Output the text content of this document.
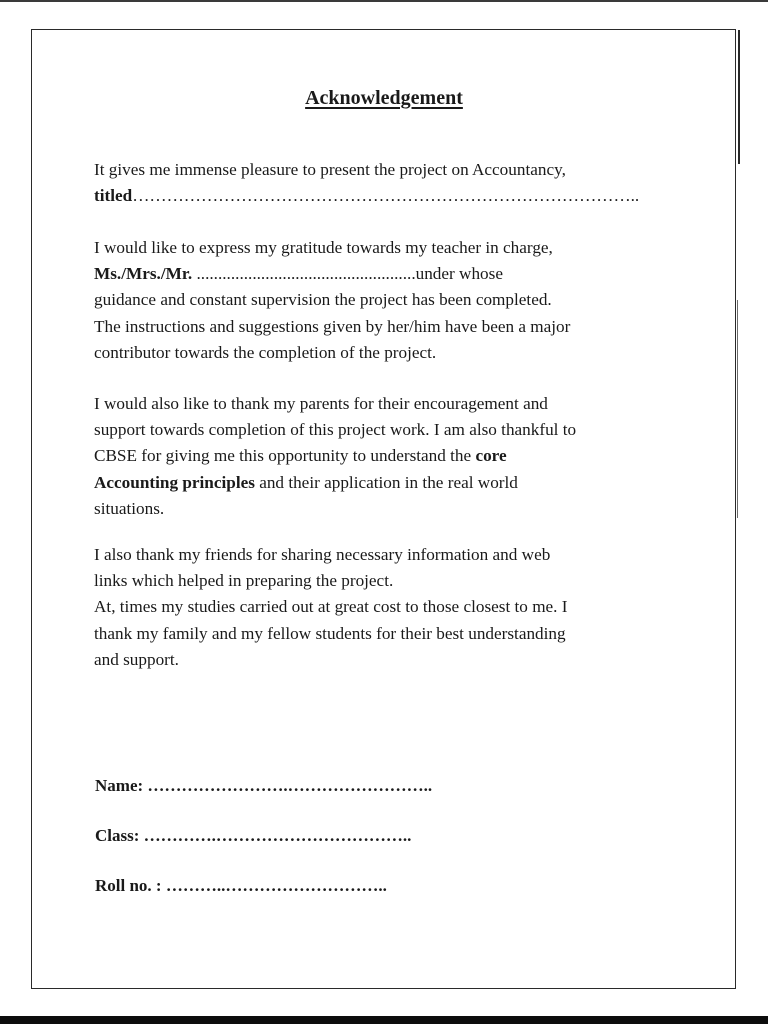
Acknowledgement

It gives me immense pleasure to present the project on Accountancy,
titled……………………………………………………………………………..

I would like to express my gratitude towards my teacher in charge,
Ms./Mrs./Mr. ...................................................under whose
guidance and constant supervision the project has been completed.
The instructions and suggestions given by her/him have been a major
contributor towards the completion of the project.

I would also like to thank my parents for their encouragement and
support towards completion of this project work. I am also thankful to
CBSE for giving me this opportunity to understand the core
Accounting principles and their application in the real world
situations.

I also thank my friends for sharing necessary information and web
links which helped in preparing the project.
At, times my studies carried out at great cost to those closest to me. I
thank my family and my fellow students for their best understanding
and support.

Name: …………………….……………………..

Class: ………….……………………………..

Roll no. : ………..………………………..
